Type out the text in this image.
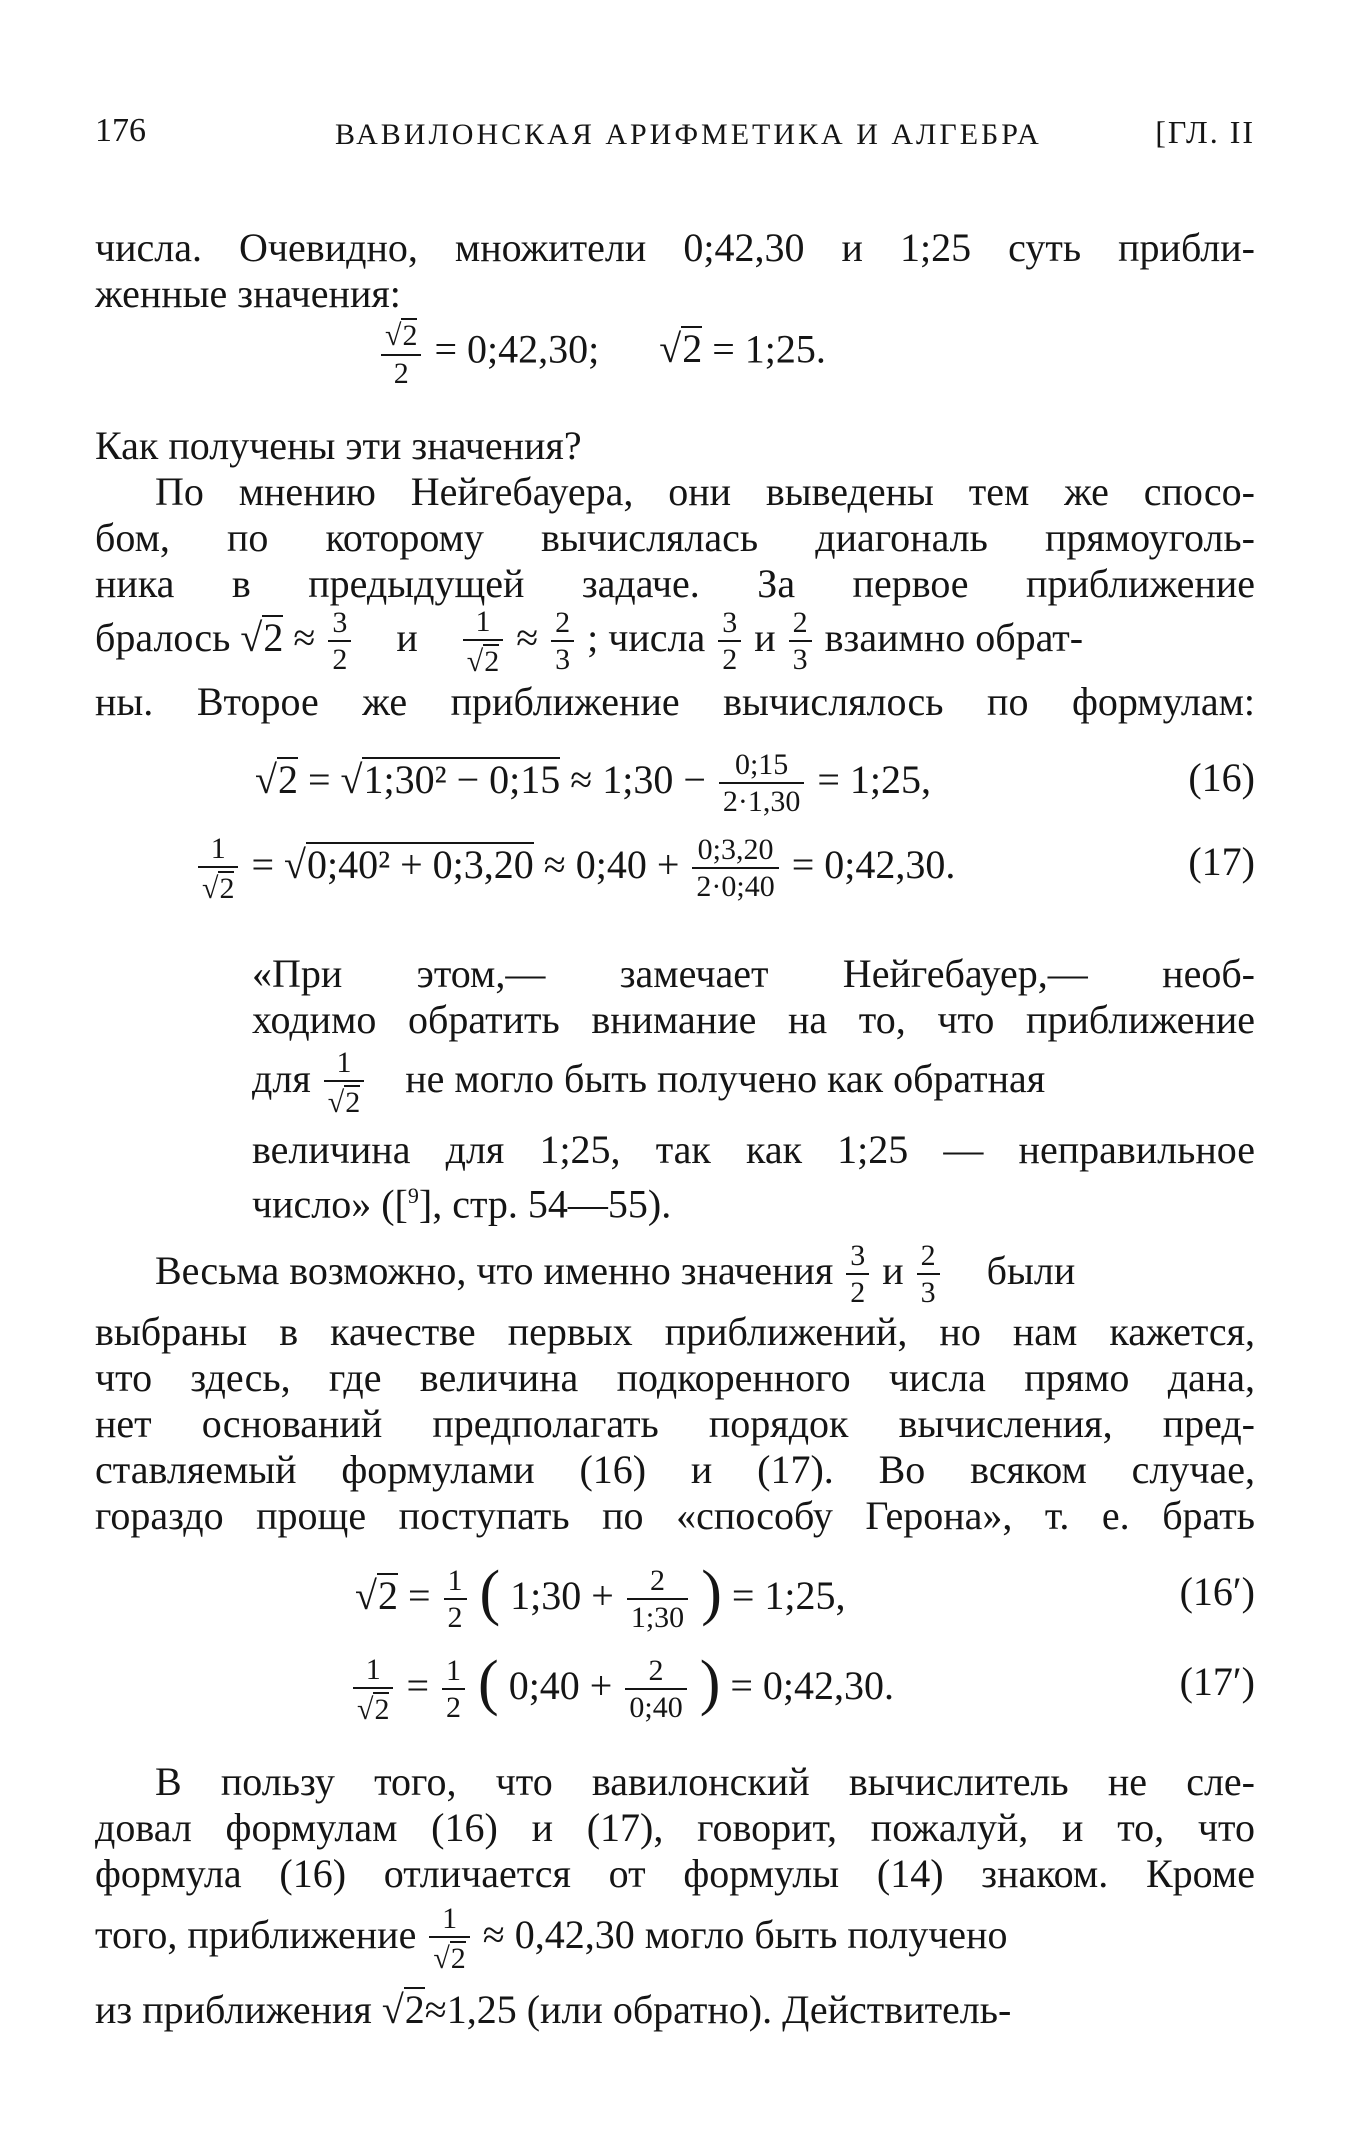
176	ВАВИЛОНСКАЯ АРИФМЕТИКА И АЛГЕБРА	[ГЛ. II
числа. Очевидно, множители 0;42,30 и 1;25 суть прибли-
женные значения:
$\frac{√2}{2}$ = 0;42,30; √2 = 1;25.
Как получены эти значения?
По мнению Нейгебауера, они выведены тем же спосо-
бом, по которому вычислялась диагональ прямоуголь-
ника в предыдущей задаче. За первое приближение
бралось $√2 \approx \frac{3}{2}$ и $\frac{1}{√2} \approx \frac{2}{3}$ ; числа $\frac{3}{2}$ и $\frac{2}{3}$ взаимно обрат-
ны. Второе же приближение вычислялось по формулам:
√2 = √1;30² − 0;15 ≈ 1;30 − $\frac{0;15}{2\cdot 1,30}$ = 1;25,	(16)
$\frac{1}{√2}$ = √0;40² + 0;3,20 ≈ 0;40 + $\frac{0;3,20}{2\cdot 0;40}$ = 0;42,30.	(17)
«При этом,— замечает Нейгебауер,— необ-
ходимо обратить внимание на то, что приближение
для $\frac{1}{√2}$ не могло быть получено как обратная
величина для 1;25, так как 1;25 — неправильное
число» ([$^9$], стр. 54—55).
Весьма возможно, что именно значения $\frac{3}{2}$ и $\frac{2}{3}$ были
выбраны в качестве первых приближений, но нам кажется,
что здесь, где величина подкоренного числа прямо дана,
нет оснований предполагать порядок вычисления, пред-
ставляемый формулами (16) и (17). Во всяком случае,
гораздо проще поступать по «способу Герона», т. е. брать
$√2 = \frac{1}{2}$ ( 1;30 + $\frac{2}{1;30}$ ) = 1;25,	(16′)
$\frac{1}{√2} = \frac{1}{2}$ ( 0;40 + $\frac{2}{0;40}$ ) = 0;42,30.	(17′)
В пользу того, что вавилонский вычислитель не сле-
довал формулам (16) и (17), говорит, пожалуй, и то, что
формула (16) отличается от формулы (14) знаком. Кроме
того, приближение $\frac{1}{√2} \approx 0,42,30$ могло быть получено
из приближения √2≈1,25 (или обратно). Действитель-
